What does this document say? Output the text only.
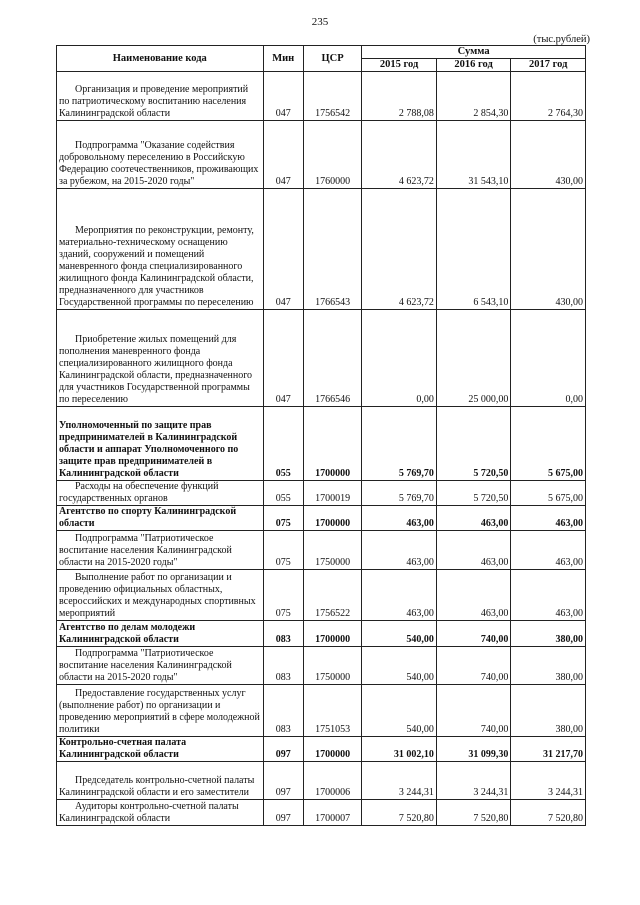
235
(тыс.рублей)
Наименование кода	Мин	ЦСР	Сумма		
			2015 год	2016 год	2017 год
Организация и проведение мероприятий по патриотическому воспитанию населения Калининградской области	047	1756542	2 788,08	2 854,30	2 764,30
Подпрограмма "Оказание содействия добровольному переселению в Российскую Федерацию соотечественников, проживающих за рубежом, на 2015-2020 годы"	047	1760000	4 623,72	31 543,10	430,00
Мероприятия по реконструкции, ремонту, материально-техническому оснащению зданий, сооружений и помещений маневренного фонда специализированного жилищного фонда Калининградской области, предназначенного для участников Государственной программы по переселению	047	1766543	4 623,72	6 543,10	430,00
Приобретение жилых помещений для пополнения маневренного фонда специализированного жилищного фонда Калининградской области, предназначенного для участников Государственной программы по переселению	047	1766546	0,00	25 000,00	0,00
Уполномоченный по защите прав предпринимателей в Калининградской области и аппарат Уполномоченного по защите прав предпринимателей в Калининградской области	055	1700000	5 769,70	5 720,50	5 675,00
Расходы на обеспечение функций государственных органов	055	1700019	5 769,70	5 720,50	5 675,00
Агентство по спорту Калининградской области	075	1700000	463,00	463,00	463,00
Подпрограмма "Патриотическое воспитание населения Калининградской области на 2015-2020 годы"	075	1750000	463,00	463,00	463,00
Выполнение работ по организации и проведению официальных областных, всероссийских и международных спортивных мероприятий	075	1756522	463,00	463,00	463,00
Агентство по делам молодежи Калининградской области	083	1700000	540,00	740,00	380,00
Подпрограмма "Патриотическое воспитание населения Калининградской области на 2015-2020 годы"	083	1750000	540,00	740,00	380,00
Предоставление государственных услуг (выполнение работ) по организации и проведению мероприятий в сфере молодежной политики	083	1751053	540,00	740,00	380,00
Контрольно-счетная палата Калининградской области	097	1700000	31 002,10	31 099,30	31 217,70
Председатель контрольно-счетной палаты Калининградской области и его заместители	097	1700006	3 244,31	3 244,31	3 244,31
Аудиторы контрольно-счетной палаты Калининградской области	097	1700007	7 520,80	7 520,80	7 520,80
